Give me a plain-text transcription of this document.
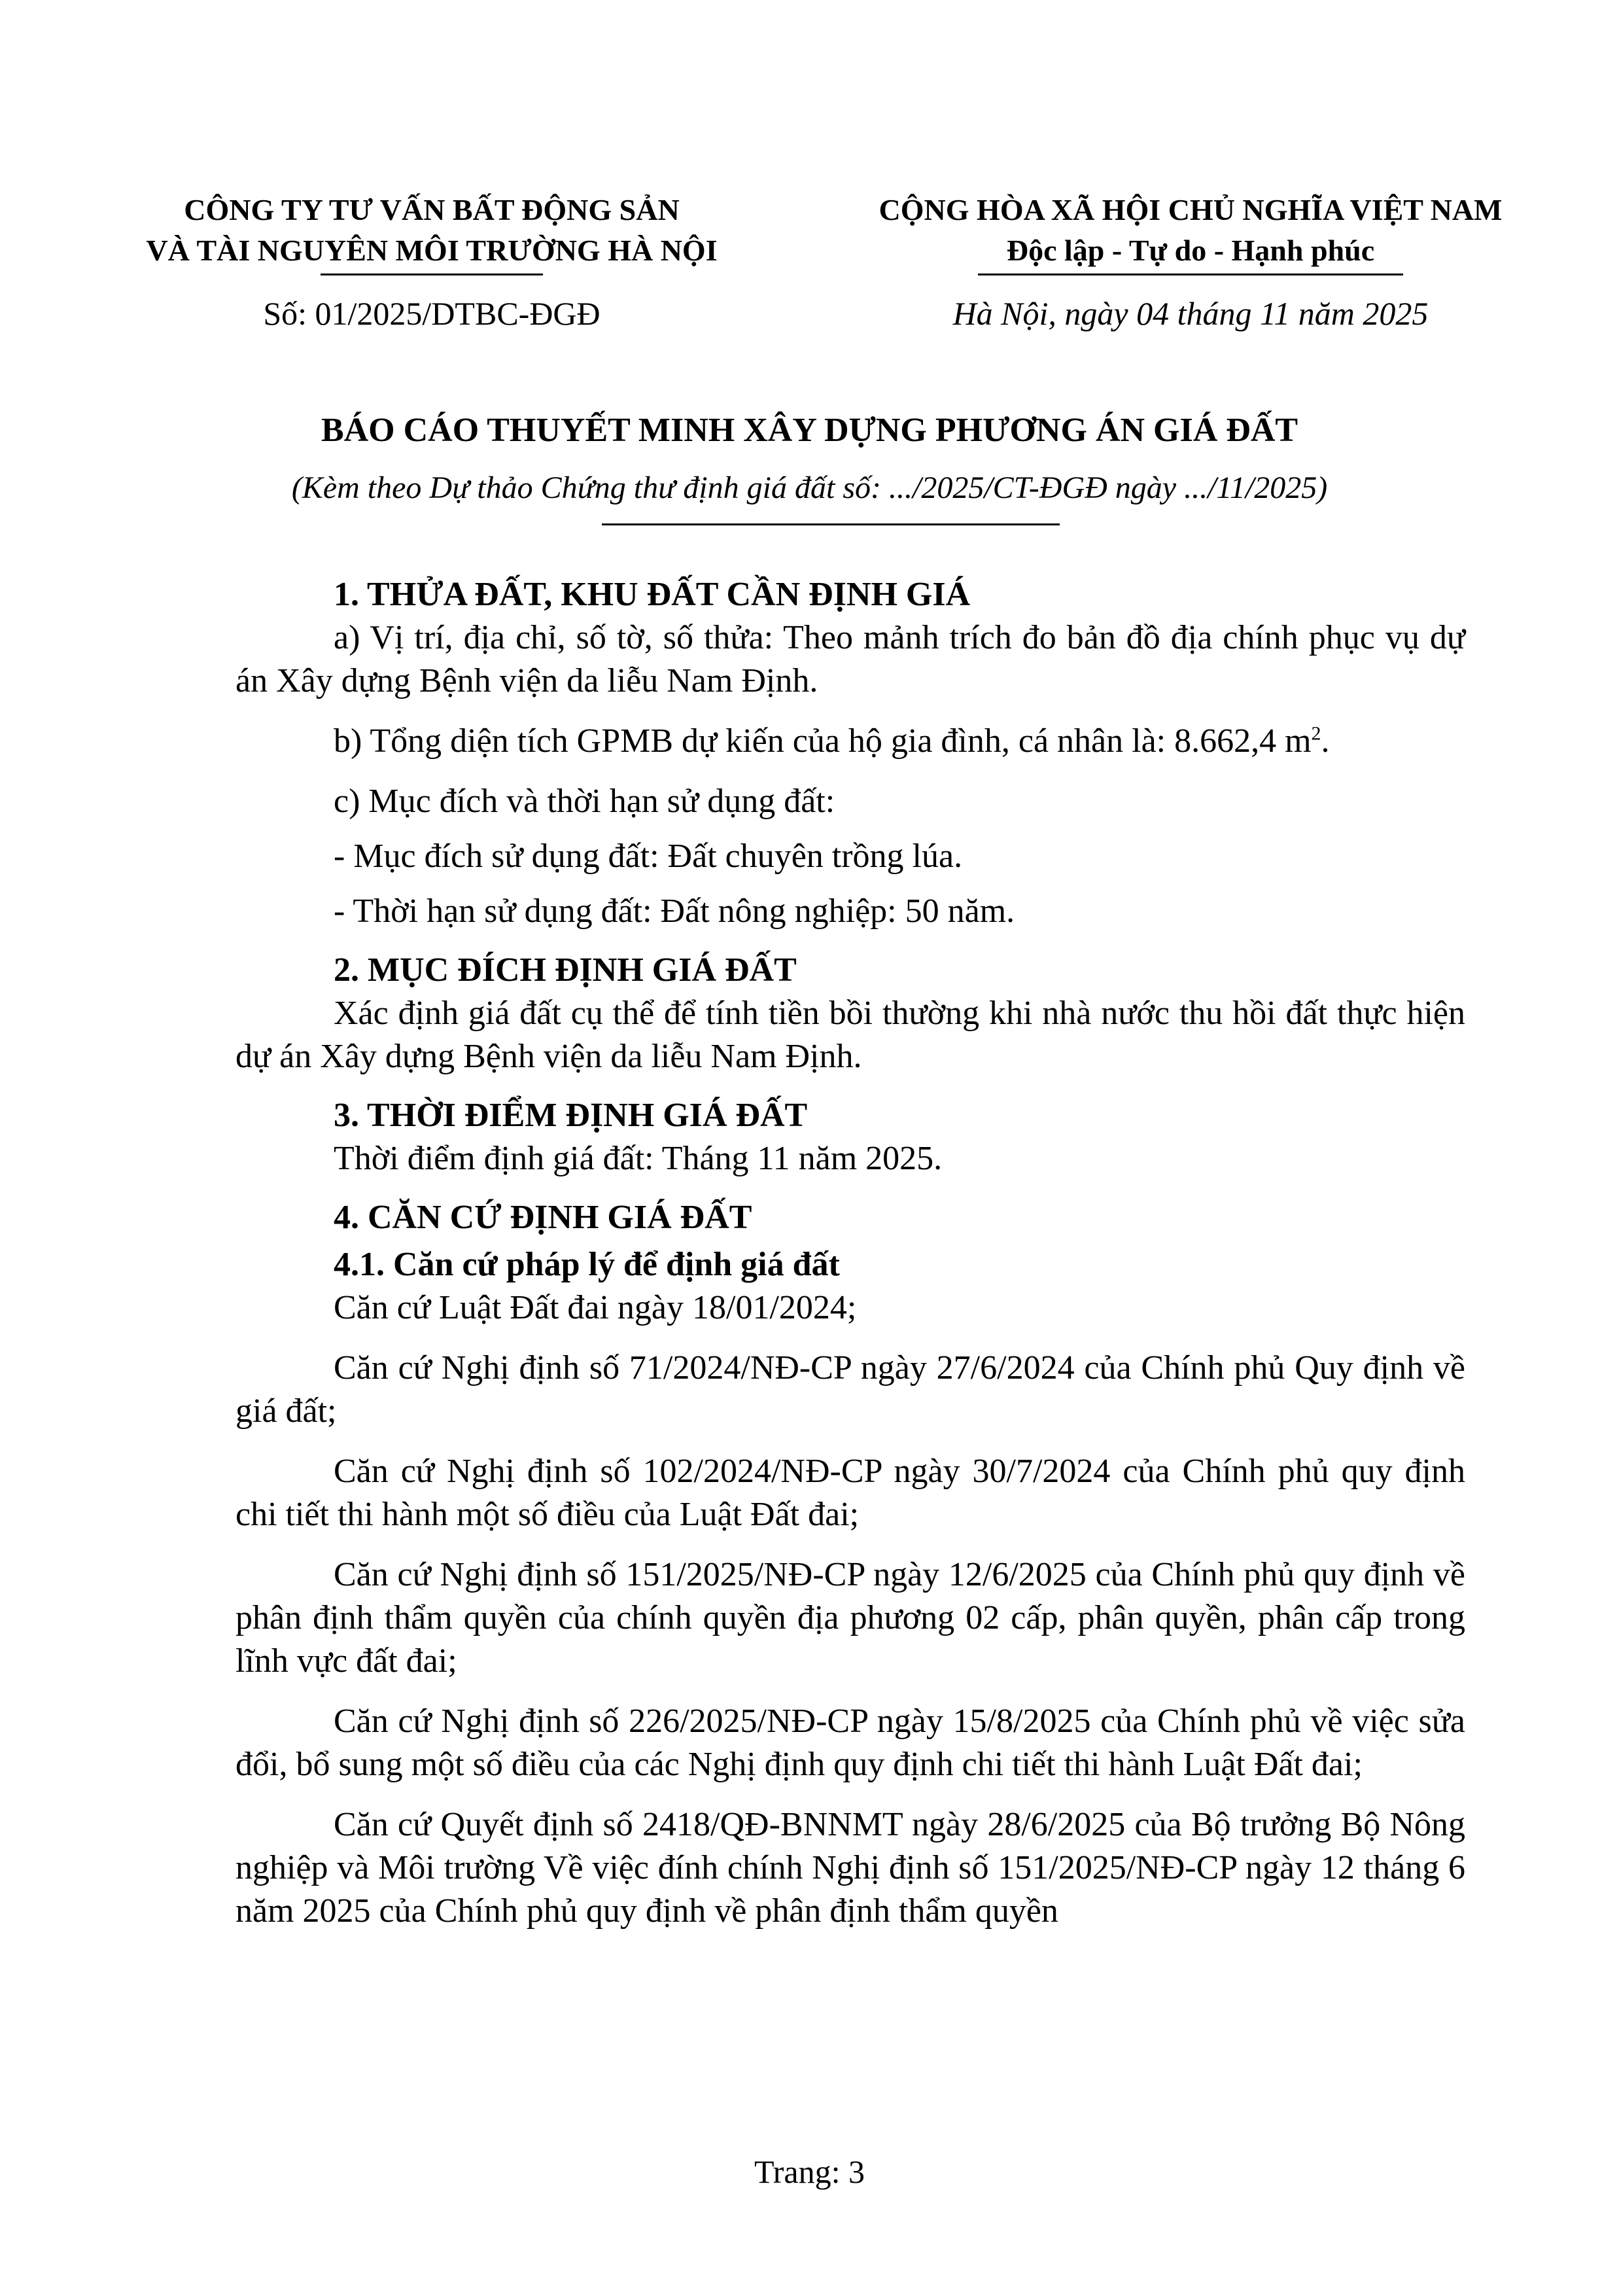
CÔNG TY TƯ VẤN BẤT ĐỘNG SẢN
VÀ TÀI NGUYÊN MÔI TRƯỜNG HÀ NỘI
CỘNG HÒA XÃ HỘI CHỦ NGHĨA VIỆT NAM
Độc lập - Tự do - Hạnh phúc
Số: 01/2025/DTBC-ĐGĐ	Hà Nội, ngày 04 tháng 11 năm 2025
BÁO CÁO THUYẾT MINH XÂY DỰNG PHƯƠNG ÁN GIÁ ĐẤT
(Kèm theo Dự thảo Chứng thư định giá đất số: .../2025/CT-ĐGĐ ngày .../11/2025)

1. THỬA ĐẤT, KHU ĐẤT CẦN ĐỊNH GIÁ

a) Vị trí, địa chỉ, số tờ, số thửa: Theo mảnh trích đo bản đồ địa chính phục vụ dự án Xây dựng Bệnh viện da liễu Nam Định.

b) Tổng diện tích GPMB dự kiến của hộ gia đình, cá nhân là: 8.662,4 $m^2$.

c) Mục đích và thời hạn sử dụng đất:

- Mục đích sử dụng đất: Đất chuyên trồng lúa.

- Thời hạn sử dụng đất: Đất nông nghiệp: 50 năm.

2. MỤC ĐÍCH ĐỊNH GIÁ ĐẤT

Xác định giá đất cụ thể để tính tiền bồi thường khi nhà nước thu hồi đất thực hiện dự án Xây dựng Bệnh viện da liễu Nam Định.

3. THỜI ĐIỂM ĐỊNH GIÁ ĐẤT

Thời điểm định giá đất: Tháng 11 năm 2025.

4. CĂN CỨ ĐỊNH GIÁ ĐẤT

4.1. Căn cứ pháp lý để định giá đất

Căn cứ Luật Đất đai ngày 18/01/2024;

Căn cứ Nghị định số 71/2024/NĐ-CP ngày 27/6/2024 của Chính phủ Quy định về giá đất;

Căn cứ Nghị định số 102/2024/NĐ-CP ngày 30/7/2024 của Chính phủ quy định chi tiết thi hành một số điều của Luật Đất đai;

Căn cứ Nghị định số 151/2025/NĐ-CP ngày 12/6/2025 của Chính phủ quy định về phân định thẩm quyền của chính quyền địa phương 02 cấp, phân quyền, phân cấp trong lĩnh vực đất đai;

Căn cứ Nghị định số 226/2025/NĐ-CP ngày 15/8/2025 của Chính phủ về việc sửa đổi, bổ sung một số điều của các Nghị định quy định chi tiết thi hành Luật Đất đai;

Căn cứ Quyết định số 2418/QĐ-BNNMT ngày 28/6/2025 của Bộ trưởng Bộ Nông nghiệp và Môi trường Về việc đính chính Nghị định số 151/2025/NĐ-CP ngày 12 tháng 6 năm 2025 của Chính phủ quy định về phân định thẩm quyền

Trang: 3
